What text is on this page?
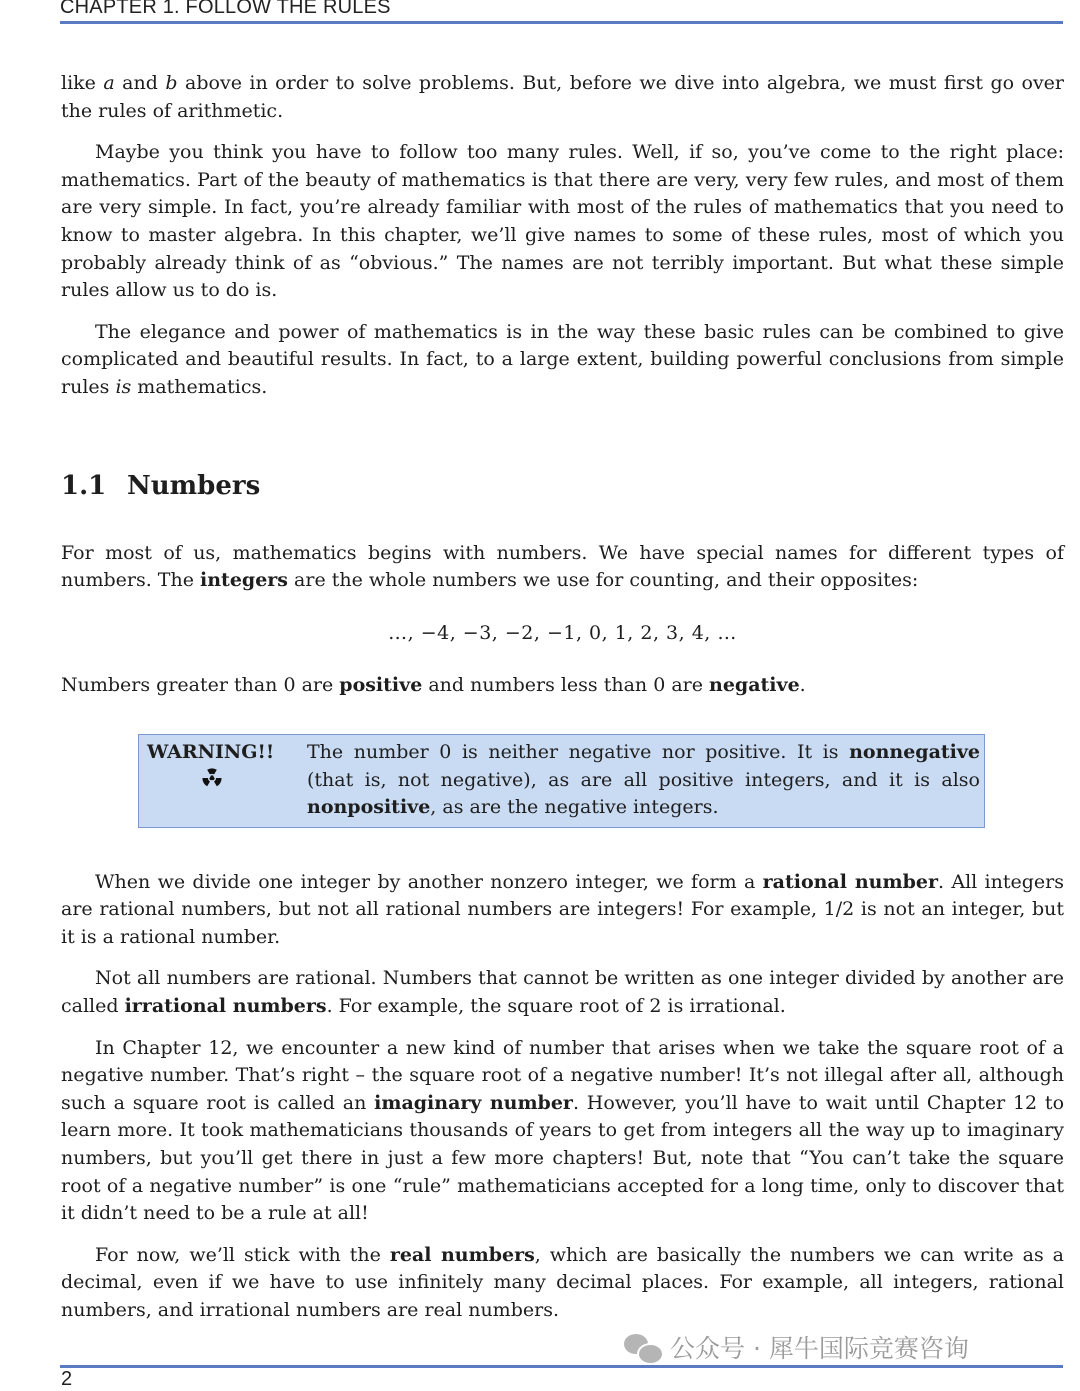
CHAPTER 1. FOLLOW THE RULES

like a and b above in order to solve problems. But, before we dive into algebra, we must first go over the rules of arithmetic.

Maybe you think you have to follow too many rules. Well, if so, you’ve come to the right place: mathematics. Part of the beauty of mathematics is that there are very, very few rules, and most of them are very simple. In fact, you’re already familiar with most of the rules of mathematics that you need to know to master algebra. In this chapter, we’ll give names to some of these rules, most of which you probably already think of as “obvious.” The names are not terribly important. But what these simple rules allow us to do is.

The elegance and power of mathematics is in the way these basic rules can be combined to give complicated and beautiful results. In fact, to a large extent, building powerful conclusions from simple rules is mathematics.

1.1 Numbers

For most of us, mathematics begins with numbers. We have special names for different types of numbers. The integers are the whole numbers we use for counting, and their opposites:

…, −4, −3, −2, −1, 0, 1, 2, 3, 4, …

Numbers greater than 0 are positive and numbers less than 0 are negative.

WARNING!!	The number 0 is neither negative nor positive. It is nonnegative (that is, not negative), as are all positive integers, and it is also nonpositive, as are the negative integers.

When we divide one integer by another nonzero integer, we form a rational number. All integers are rational numbers, but not all rational numbers are integers! For example, 1/2 is not an integer, but it is a rational number.

Not all numbers are rational. Numbers that cannot be written as one integer divided by another are called irrational numbers. For example, the square root of 2 is irrational.

In Chapter 12, we encounter a new kind of number that arises when we take the square root of a negative number. That’s right – the square root of a negative number! It’s not illegal after all, although such a square root is called an imaginary number. However, you’ll have to wait until Chapter 12 to learn more. It took mathematicians thousands of years to get from integers all the way up to imaginary numbers, but you’ll get there in just a few more chapters! But, note that “You can’t take the square root of a negative number” is one “rule” mathematicians accepted for a long time, only to discover that it didn’t need to be a rule at all!

For now, we’ll stick with the real numbers, which are basically the numbers we can write as a decimal, even if we have to use infinitely many decimal places. For example, all integers, rational numbers, and irrational numbers are real numbers.

公众号 · 犀牛国际竞赛咨询
2
